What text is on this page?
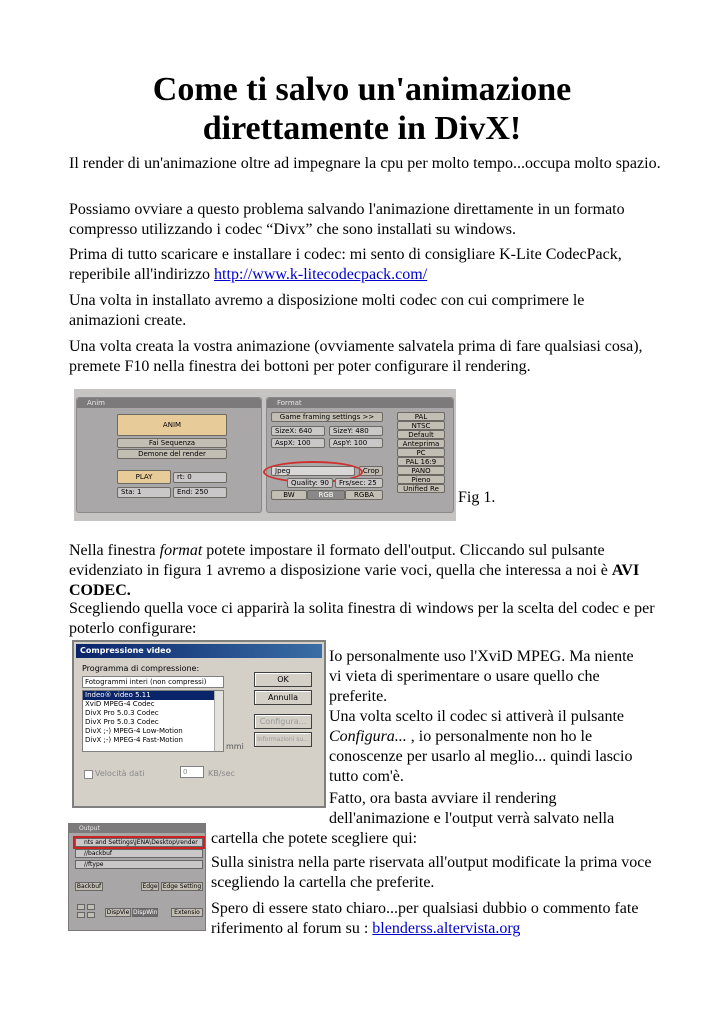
Come ti salvo un'animazione direttamente in DivX!
Il render di un'animazione oltre ad impegnare la cpu per molto tempo...occupa molto spazio.
Possiamo ovviare a questo problema salvando l'animazione direttamente in un formato compresso utilizzando i codec “Divx” che sono installati su windows.
Prima di tutto scaricare e installare i codec: mi sento di consigliare K-Lite CodecPack, reperibile all'indirizzo http://www.k-litecodecpack.com/
Una volta in installato avremo a disposizione molti codec con cui comprimere le animazioni create.
Una volta creata la vostra animazione (ovviamente salvatela prima di fare qualsiasi cosa), premete F10 nella finestra dei bottoni per poter configurare il rendering.
Anim
ANIM
Fai Sequenza
Demone del render
PLAY	rt: 0
Sta: 1	End: 250
Format
Game framing settings >>
SizeX: 640	SizeY: 480
AspX: 100	AspY: 100
Jpeg	Crop
Quality: 90	Frs/sec: 25
BW	RGB	RGBA
PAL
NTSC
Default
Anteprima
PC
PAL 16:9
PANO
Pieno
Unified Re	Fig 1.
Nella finestra format potete impostare il formato dell'output. Cliccando sul pulsante evidenziato in figura 1 avremo a disposizione varie voci, quella che interessa a noi è AVI CODEC.
Scegliendo quella voce ci apparirà la solita finestra di windows per la scelta del codec e per poterlo configurare:
Compressione video
Programma di compressione:
Fotogrammi interi (non compressi)
Indeo® video 5.11
XviD MPEG-4 Codec
DivX Pro 5.0.3 Codec
DivX Pro 5.0.3 Codec
DivX ;-) MPEG-4 Low-Motion
DivX ;-) MPEG-4 Fast-Motion
mmi
OK
Annulla
Configura...
Informazioni su...
Velocità dati	0	KB/sec
Io personalmente uso l'XviD MPEG. Ma niente
vi vieta di sperimentare o usare quello che
preferite.
Una volta scelto il codec si attiverà il pulsante
Configura... , io personalmente non ho le
conoscenze per usarlo al meglio... quindi lascio
tutto com'è.
Fatto, ora basta avviare il rendering
dell'animazione e l'output verrà salvato nella
cartella che potete scegliere qui:
Output
nts and Settings\JENA\Desktop\render
//backbuf
//ftype
Backbuf	Edge Edge Setting
DispVie DispWin	Extensio
Sulla sinistra nella parte riservata all'output modificate la prima voce scegliendo la cartella che preferite.
Spero di essere stato chiaro...per qualsiasi dubbio o commento fate riferimento al forum su : blenderss.altervista.org
